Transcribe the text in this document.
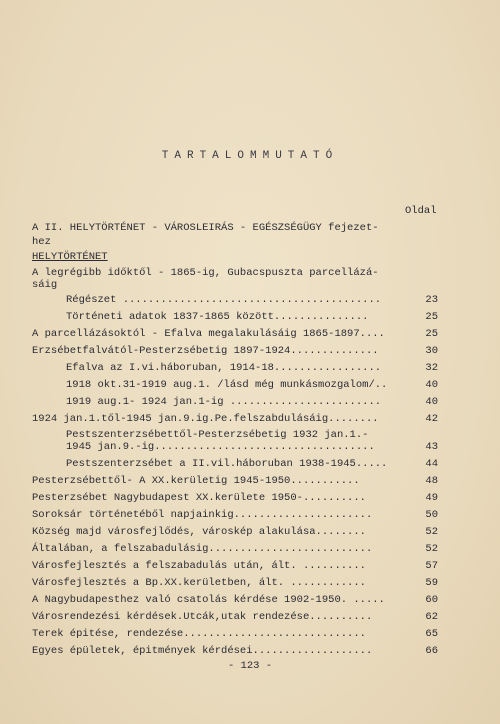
TARTALOMMUTATÓ
Oldal
A II. HELYTÖRTÉNET - VÁROSLEIRÁS - EGÉSZSÉGÜGY fejezet-
hez
HELYTÖRTÉNET
A legrégibb időktől - 1865-ig, Gubacspuszta parcellázá-
sáig
Régészet .........................................	23
Történeti adatok 1837-1865 között...............	25
A parcellázásoktól - Efalva megalakulásáig 1865-1897....	25
Erzsébetfalvától-Pesterzsébetig 1897-1924..............	30
Efalva az I.vi.háboruban, 1914-18.................	32
1918 okt.31-1919 aug.1. /lásd még munkásmozgalom/..	40
1919 aug.1- 1924 jan.1-ig ........................	40
1924 jan.1.től-1945 jan.9.ig.Pe.felszabdulásáig........	42
Pestszenterzsébettől-Pesterzsébetig 1932 jan.1.-
1945 jan.9.-ig...................................	43
Pestszenterzsébet a II.vil.háboruban 1938-1945.....	44
Pesterzsébettől- A XX.kerületig 1945-1950...........	48
Pesterzsébet Nagybudapest XX.kerülete 1950-..........	49
Soroksár történetéből napjainkig......................	50
Község majd városfejlődés, városkép alakulása........	52
Általában, a felszabadulásig..........................	52
Városfejlesztés a felszabadulás után, ált. ..........	57
Városfejlesztés a Bp.XX.kerületben, ált. ............	59
A Nagybudapesthez való csatolás kérdése 1902-1950. .....	60
Városrendezési kérdések.Utcák,utak rendezése..........	62
Terek épitése, rendezése.............................	65
Egyes épületek, épitmények kérdései...................	66
- 123 -
